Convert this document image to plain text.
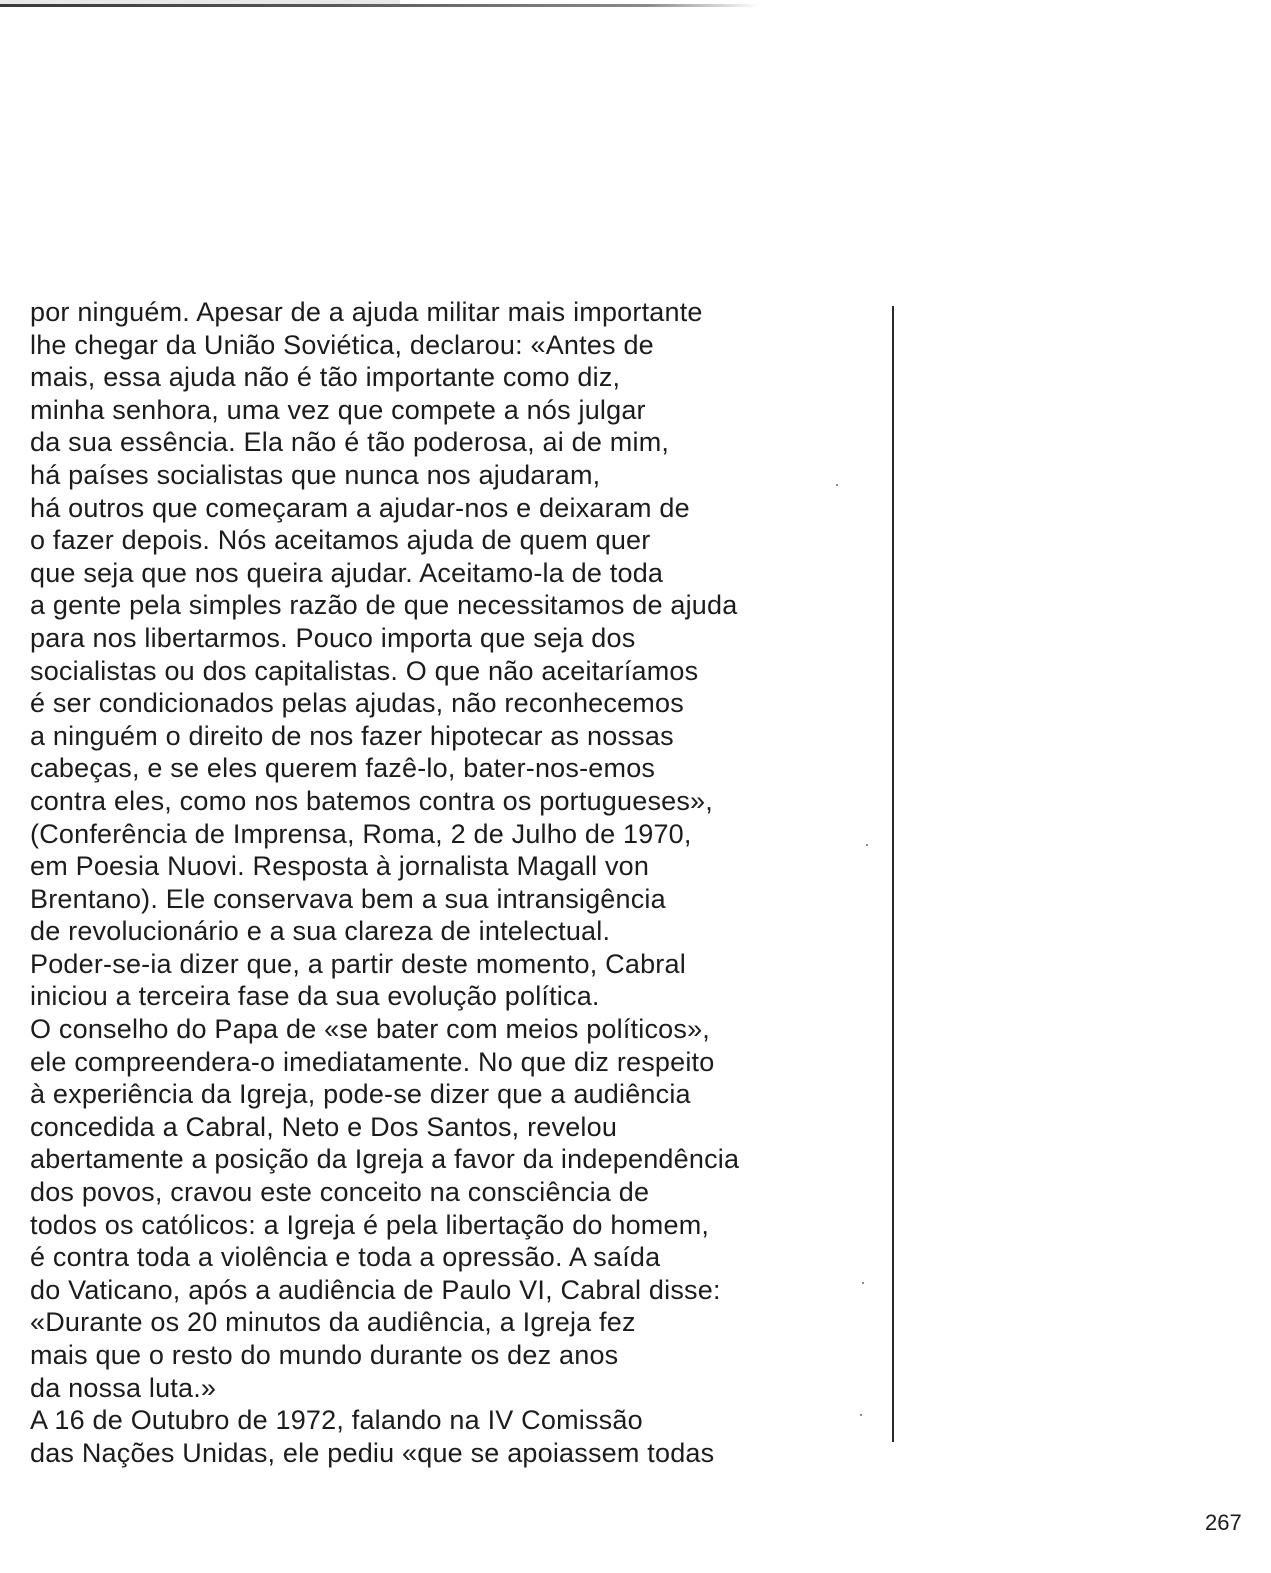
por ninguém. Apesar de a ajuda militar mais importante
lhe chegar da União Soviética, declarou: «Antes de
mais, essa ajuda não é tão importante como diz,
minha senhora, uma vez que compete a nós julgar
da sua essência. Ela não é tão poderosa, ai de mim,
há países socialistas que nunca nos ajudaram,
há outros que começaram a ajudar-nos e deixaram de
o fazer depois. Nós aceitamos ajuda de quem quer
que seja que nos queira ajudar. Aceitamo-la de toda
a gente pela simples razão de que necessitamos de ajuda
para nos libertarmos. Pouco importa que seja dos
socialistas ou dos capitalistas. O que não aceitaríamos
é ser condicionados pelas ajudas, não reconhecemos
a ninguém o direito de nos fazer hipotecar as nossas
cabeças, e se eles querem fazê-lo, bater-nos-emos
contra eles, como nos batemos contra os portugueses»,
(Conferência de Imprensa, Roma, 2 de Julho de 1970,
em Poesia Nuovi. Resposta à jornalista Magall von
Brentano). Ele conservava bem a sua intransigência
de revolucionário e a sua clareza de intelectual.
Poder-se-ia dizer que, a partir deste momento, Cabral
iniciou a terceira fase da sua evolução política.
O conselho do Papa de «se bater com meios políticos»,
ele compreendera-o imediatamente. No que diz respeito
à experiência da Igreja, pode-se dizer que a audiência
concedida a Cabral, Neto e Dos Santos, revelou
abertamente a posição da Igreja a favor da independência
dos povos, cravou este conceito na consciência de
todos os católicos: a Igreja é pela libertação do homem,
é contra toda a violência e toda a opressão. A saída
do Vaticano, após a audiência de Paulo VI, Cabral disse:
«Durante os 20 minutos da audiência, a Igreja fez
mais que o resto do mundo durante os dez anos
da nossa luta.»
A 16 de Outubro de 1972, falando na IV Comissão
das Nações Unidas, ele pediu «que se apoiassem todas
267
